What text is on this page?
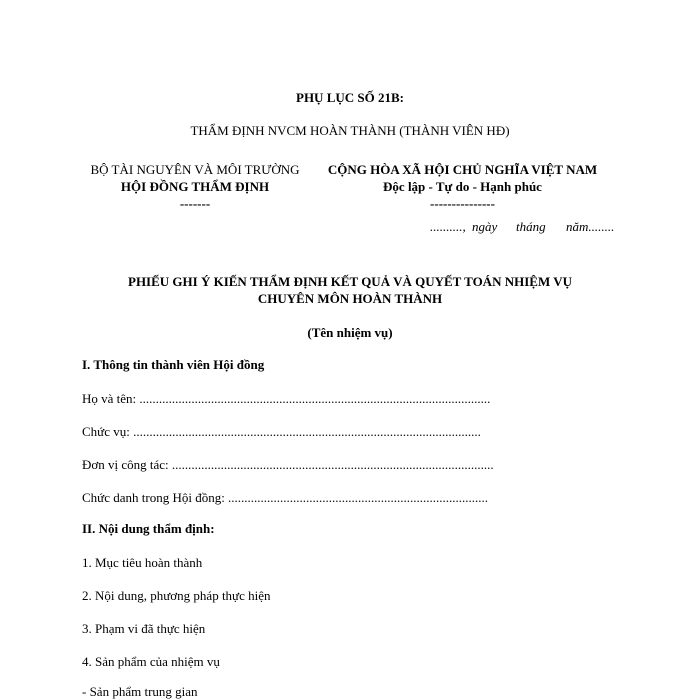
PHỤ LỤC SỐ 21B:
THẨM ĐỊNH NVCM HOÀN THÀNH (THÀNH VIÊN HĐ)
BỘ TÀI NGUYÊN VÀ MÔI TRƯỜNG
HỘI ĐỒNG THẨM ĐỊNH
-------
CỘNG HÒA XÃ HỘI CHỦ NGHĨA VIỆT NAM
Độc lập - Tự do - Hạnh phúc
---------------
.........., ngày tháng năm........
PHIẾU GHI Ý KIẾN THẨM ĐỊNH KẾT QUẢ VÀ QUYẾT TOÁN NHIỆM VỤ
CHUYÊN MÔN HOÀN THÀNH
(Tên nhiệm vụ)
I. Thông tin thành viên Hội đồng
Họ và tên: ............................................................................................................
Chức vụ: ...........................................................................................................
Đơn vị công tác: ...................................................................................................
Chức danh trong Hội đồng: ................................................................................
II. Nội dung thẩm định:
1. Mục tiêu hoàn thành
2. Nội dung, phương pháp thực hiện
3. Phạm vi đã thực hiện
4. Sản phẩm của nhiệm vụ
- Sản phẩm trung gian
